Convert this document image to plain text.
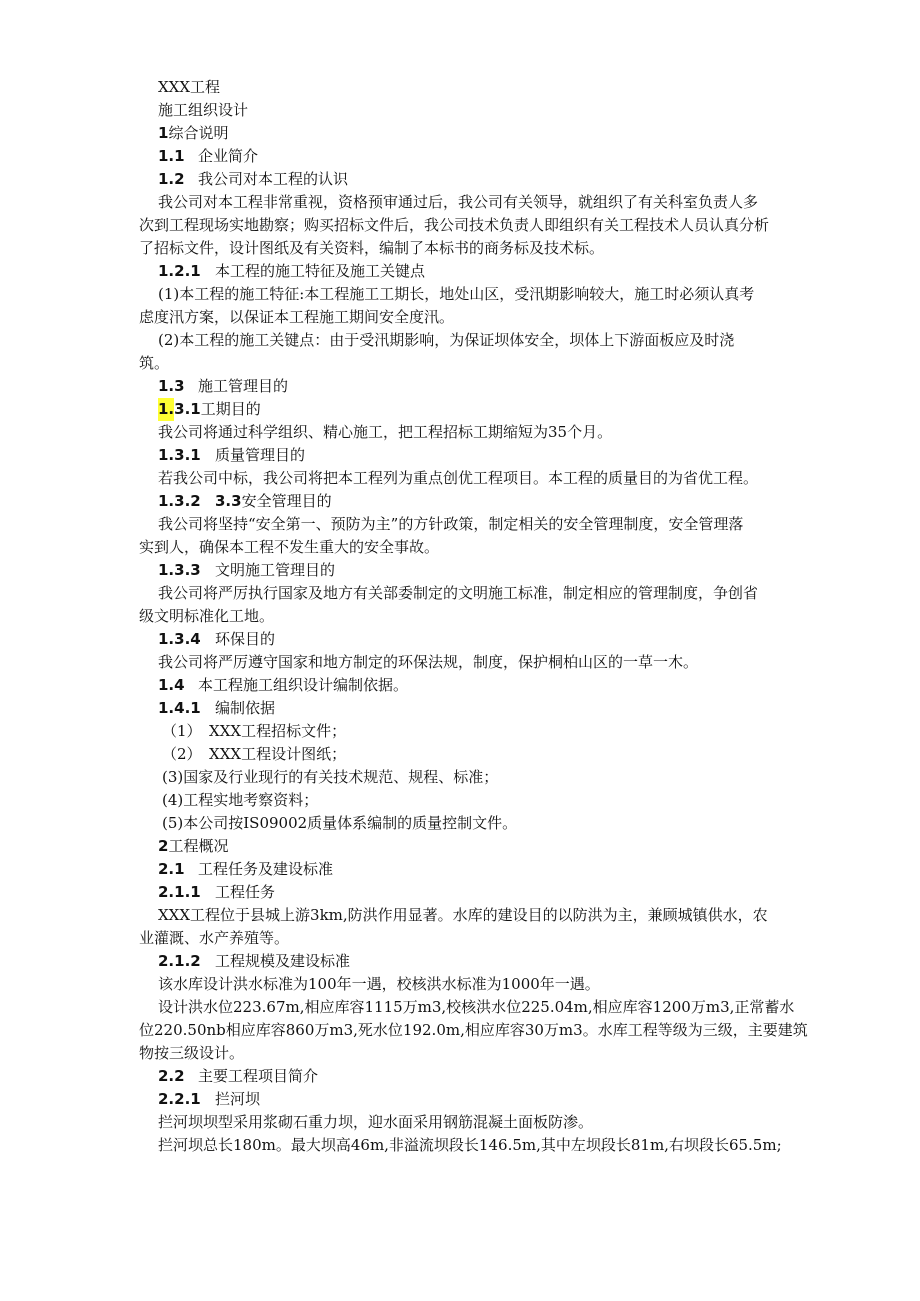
XXX工程

施工组织设计

1综合说明

1.1 企业简介

1.2 我公司对本工程的认识

我公司对本工程非常重视，资格预审通过后，我公司有关领导，就组织了有关科室负责人多

次到工程现场实地勘察；购买招标文件后，我公司技术负责人即组织有关工程技术人员认真分析

了招标文件，设计图纸及有关资料，编制了本标书的商务标及技术标。

1.2.1 本工程的施工特征及施工关键点

(1)本工程的施工特征:本工程施工工期长，地处山区，受汛期影响较大，施工时必须认真考

虑度汛方案，以保证本工程施工期间安全度汛。

(2)本工程的施工关键点：由于受汛期影响，为保证坝体安全，坝体上下游面板应及时浇

筑。

1.3 施工管理目的

1.3.1工期目的

我公司将通过科学组织、精心施工，把工程招标工期缩短为35个月。

1.3.1 质量管理目的

若我公司中标，我公司将把本工程列为重点创优工程项目。本工程的质量目的为省优工程。

1.3.2 3.3安全管理目的

我公司将坚持“安全第一、预防为主”的方针政策，制定相关的安全管理制度，安全管理落

实到人，确保本工程不发生重大的安全事故。

1.3.3 文明施工管理目的

我公司将严厉执行国家及地方有关部委制定的文明施工标准，制定相应的管理制度，争创省

级文明标准化工地。

1.3.4 环保目的

我公司将严厉遵守国家和地方制定的环保法规，制度，保护桐柏山区的一草一木。

1.4 本工程施工组织设计编制依据。

1.4.1 编制依据

（1）　XXX工程招标文件；

（2）　XXX工程设计图纸；

(3)国家及行业现行的有关技术规范、规程、标准；

(4)工程实地考察资料；

(5)本公司按IS09002质量体系编制的质量控制文件。

2工程概况

2.1 工程任务及建设标准

2.1.1 工程任务

XXX工程位于县城上游3km,防洪作用显著。水库的建设目的以防洪为主，兼顾城镇供水，农

业灌溉、水产养殖等。

2.1.2 工程规模及建设标准

该水库设计洪水标准为100年一遇，校核洪水标准为1000年一遇。

设计洪水位223.67m,相应库容1115万m3,校核洪水位225.04m,相应库容1200万m3,正常蓄水

位220.50nb相应库容860万m3,死水位192.0m,相应库容30万m3。水库工程等级为三级，主要建筑

物按三级设计。

2.2 主要工程项目简介

2.2.1 拦河坝

拦河坝坝型采用浆砌石重力坝，迎水面采用钢筋混凝土面板防渗。

拦河坝总长180m。最大坝高46m,非溢流坝段长146.5m,其中左坝段长81m,右坝段长65.5m;
